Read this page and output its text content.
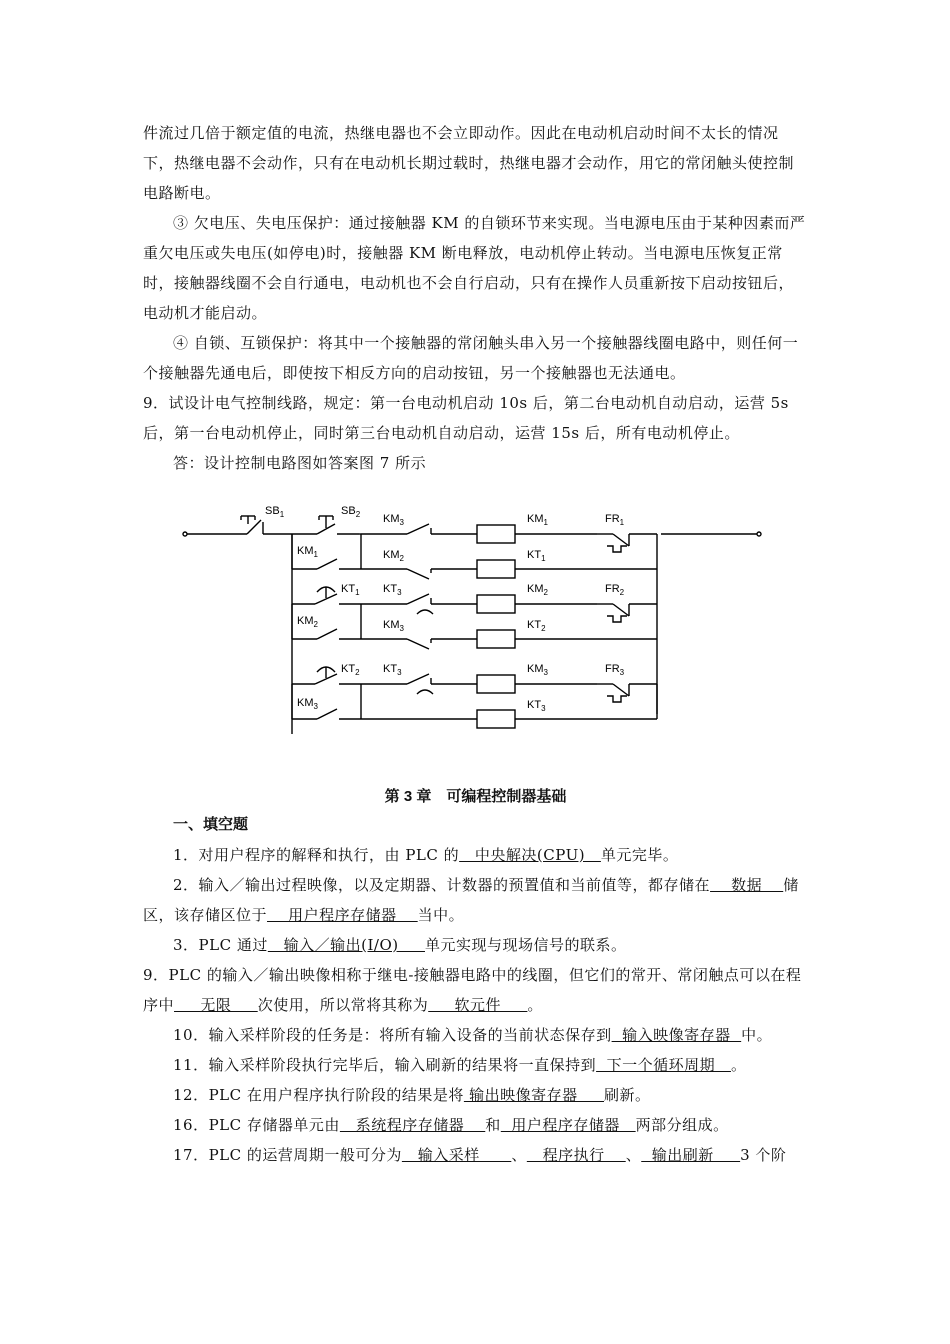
件流过几倍于额定值的电流，热继电器也不会立即动作。因此在电动机启动时间不太长的情况下，热继电器不会动作，只有在电动机长期过载时，热继电器才会动作，用它的常闭触头使控制电路断电。

③ 欠电压、失电压保护：通过接触器 KM 的自锁环节来实现。当电源电压由于某种因素而严重欠电压或失电压(如停电)时，接触器 KM 断电释放，电动机停止转动。当电源电压恢复正常时，接触器线圈不会自行通电，电动机也不会自行启动，只有在操作人员重新按下启动按钮后，电动机才能启动。

④ 自锁、互锁保护：将其中一个接触器的常闭触头串入另一个接触器线圈电路中，则任何一个接触器先通电后，即使按下相反方向的启动按钮，另一个接触器也无法通电。

9．试设计电气控制线路，规定：第一台电动机启动 10s 后，第二台电动机自动启动，运营 5s 后，第一台电动机停止，同时第三台电动机自动启动，运营 15s 后，所有电动机停止。

答：设计控制电路图如答案图 7 所示

$SB_1$	$SB_2$ $KM_3$	$KM_1$	$FR_1$
$KM_1$	$KM_2$	$KT_1$
$KT_1$ $KT_3$	$KM_2$	$FR_2$
$KM_2$	$KM_3$	$KT_2$
$KT_2$ $KT_3$	$KM_3$	$FR_3$
$KM_3$	$KT_3$
第 3 章　可编程控制器基础
一、填空题

1．对用户程序的解释和执行，由 PLC 的   中央解决(CPU)   单元完毕。

2．输入／输出过程映像，以及定期器、计数器的预置值和当前值等，都存储在    数据    储区，该存储区位于    用户程序存储器    当中。

3．PLC 通过   输入／输出(I/O)     单元实现与现场信号的联系。

9．PLC 的输入／输出映像相称于继电-接触器电路中的线圈，但它们的常开、常闭触点可以在程序中     无限     次使用，所以常将其称为     软元件     。

10．输入采样阶段的任务是：将所有输入设备的当前状态保存到  输入映像寄存器  中。

11．输入采样阶段执行完毕后，输入刷新的结果将一直保持到  下一个循环周期   。

12．PLC 在用户程序执行阶段的结果是将 输出映像寄存器     刷新。

16．PLC 存储器单元由   系统程序存储器    和  用户程序存储器   两部分组成。

17．PLC 的运营周期一般可分为   输入采样      、   程序执行    、  输出刷新     3 个阶
